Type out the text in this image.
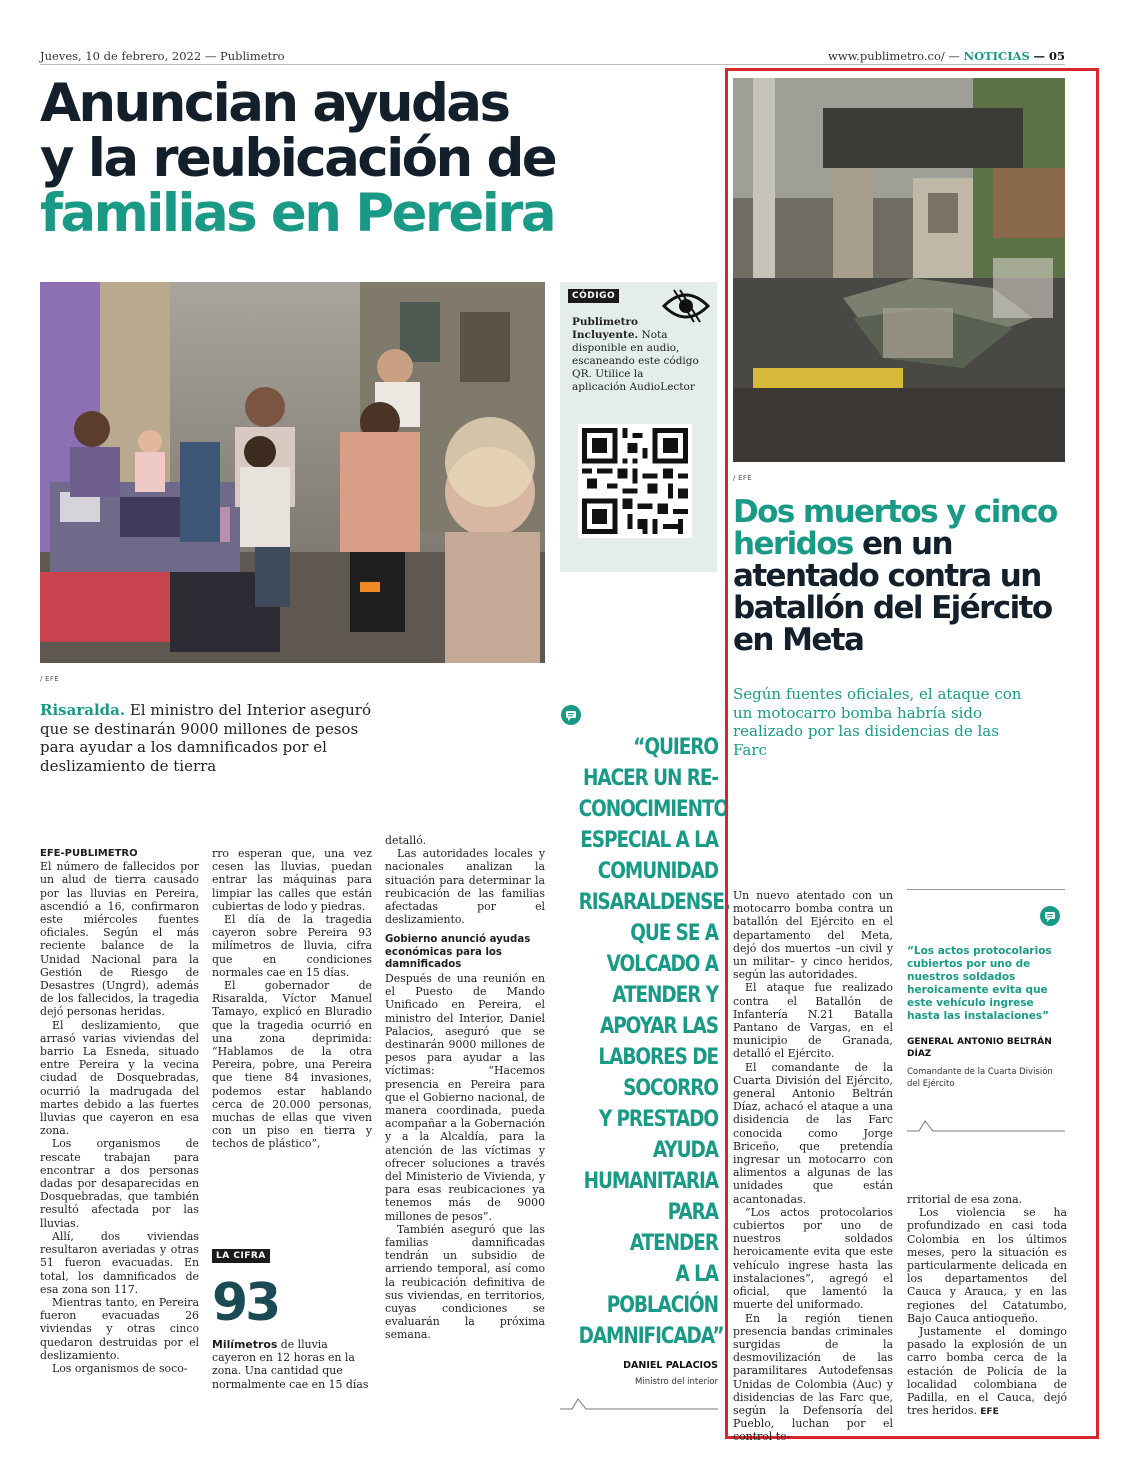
Jueves, 10 de febrero, 2022 — Publimetro	www.publimetro.co/ — NOTICIAS — 05
Anuncian ayudas
y la reubicación de
familias en Pereira
/ EFE
CÓDIGO
Publimetro Incluyente. Nota disponible en audio, escaneando este código QR. Utilice la aplicación AudioLector
Risaralda. El ministro del Interior aseguró que se destinarán 9000 millones de pesos para ayudar a los damnificados por el deslizamiento de tierra

EFE-PUBLIMETRO

El número de fallecidos por un alud de tierra causado por las lluvias en Pereira, ascendió a 16, confirmaron este miércoles fuentes oficiales. Según el más reciente balance de la Unidad Nacional para la Gestión de Riesgo de Desastres (Ungrd), además de los fallecidos, la tragedia dejó personas heridas.

El deslizamiento, que arrasó varias viviendas del barrio La Esneda, situado entre Pereira y la vecina ciudad de Dosquebradas, ocurrió la madrugada del martes debido a las fuertes lluvias que cayeron en esa zona.

Los organismos de rescate trabajan para encontrar a dos personas dadas por desaparecidas en Dosquebradas, que también resultó afectada por las lluvias.

Allí, dos viviendas resultaron averiadas y otras 51 fueron evacuadas. En total, los damnificados de esa zona son 117.

Mientras tanto, en Pereira fueron evacuadas 26 viviendas y otras cinco quedaron destruidas por el deslizamiento.

Los organismos de soco-

rro esperan que, una vez cesen las lluvias, puedan entrar las máquinas para limpiar las calles que están cubiertas de lodo y piedras.

El día de la tragedia cayeron sobre Pereira 93 milímetros de lluvia, cifra que en condiciones normales cae en 15 días.

El gobernador de Risaralda, Víctor Manuel Tamayo, explicó en Bluradio que la tragedia ocurrió en una zona deprimida: “Hablamos de la otra Pereira, pobre, una Pereira que tiene 84 invasiones, podemos estar hablando cerca de 20.000 personas, muchas de ellas que viven con un piso en tierra y techos de plástico”,

LA CIFRA
93
Milímetros de lluvia cayeron en 12 horas en la zona. Una cantidad que normalmente cae en 15 días

detalló.

Las autoridades locales y nacionales analizan la situación para determinar la reubicación de las familias afectadas por el deslizamiento.

Gobierno anunció ayudas económicas para los damnificados

Después de una reunión en el Puesto de Mando Unificado en Pereira, el ministro del Interior, Daniel Palacios, aseguró que se destinarán 9000 millones de pesos para ayudar a las víctimas: “Hacemos presencia en Pereira para que el Gobierno nacional, de manera coordinada, pueda acompañar a la Gobernación y a la Alcaldía, para la atención de las víctimas y ofrecer soluciones a través del Ministerio de Vivienda, y para esas reubicaciones ya tenemos más de 9000 millones de pesos”.

También aseguró que las familias damnificadas tendrán un subsidio de arriendo temporal, así como la reubicación definitiva de sus viviendas, en territorios, cuyas condiciones se evaluarán la próxima semana.

“QUIERO
HACER UN RE-
CONOCIMIENTO
ESPECIAL A LA
COMUNIDAD
RISARALDENSE,
QUE SE A
VOLCADO A
ATENDER Y
APOYAR LAS
LABORES DE
SOCORRO
Y PRESTADO
AYUDA
HUMANITARIA
PARA ATENDER
A LA
POBLACIÓN
DAMNIFICADA”
DANIEL PALACIOS
Ministro del interior
/ EFE
Dos muertos y cinco heridos en un atentado contra un batallón del Ejército en Meta
Según fuentes oficiales, el ataque con un motocarro bomba habría sido realizado por las disidencias de las Farc

Un nuevo atentado con un motocarro bomba contra un batallón del Ejército en el departamento del Meta, dejó dos muertos –un civil y un militar– y cinco heridos, según las autoridades.

El ataque fue realizado contra el Batallón de Infantería N.21 Batalla Pantano de Vargas, en el municipio de Granada, detalló el Ejército.

El comandante de la Cuarta División del Ejército, general Antonio Beltrán Díaz, achacó el ataque a una disidencia de las Farc conocida como Jorge Briceño, que pretendía ingresar un motocarro con alimentos a algunas de las unidades que están acantonadas.

“Los actos protocolarios cubiertos por uno de nuestros soldados heroicamente evita que este vehículo ingrese hasta las instalaciones”, agregó el oficial, que lamentó la muerte del uniformado.

En la región tienen presencia bandas criminales surgidas de la desmovilización de las paramilitares Autodefensas Unidas de Colombia (Auc) y disidencias de las Farc que, según la Defensoría del Pueblo, luchan por el control te-

“Los actos protocolarios cubiertos por uno de nuestros soldados heroicamente evita que este vehículo ingrese hasta las instalaciones”
GENERAL ANTONIO BELTRÁN DÍAZ
Comandante de la Cuarta División del Ejército

rritorial de esa zona.

Los violencia se ha profundizado en casi toda Colombia en los últimos meses, pero la situación es particularmente delicada en los departamentos del Cauca y Arauca, y en las regiones del Catatumbo, Bajo Cauca antioqueño.

Justamente el domingo pasado la explosión de un carro bomba cerca de la estación de Policía de la localidad colombiana de Padilla, en el Cauca, dejó tres heridos. EFE
